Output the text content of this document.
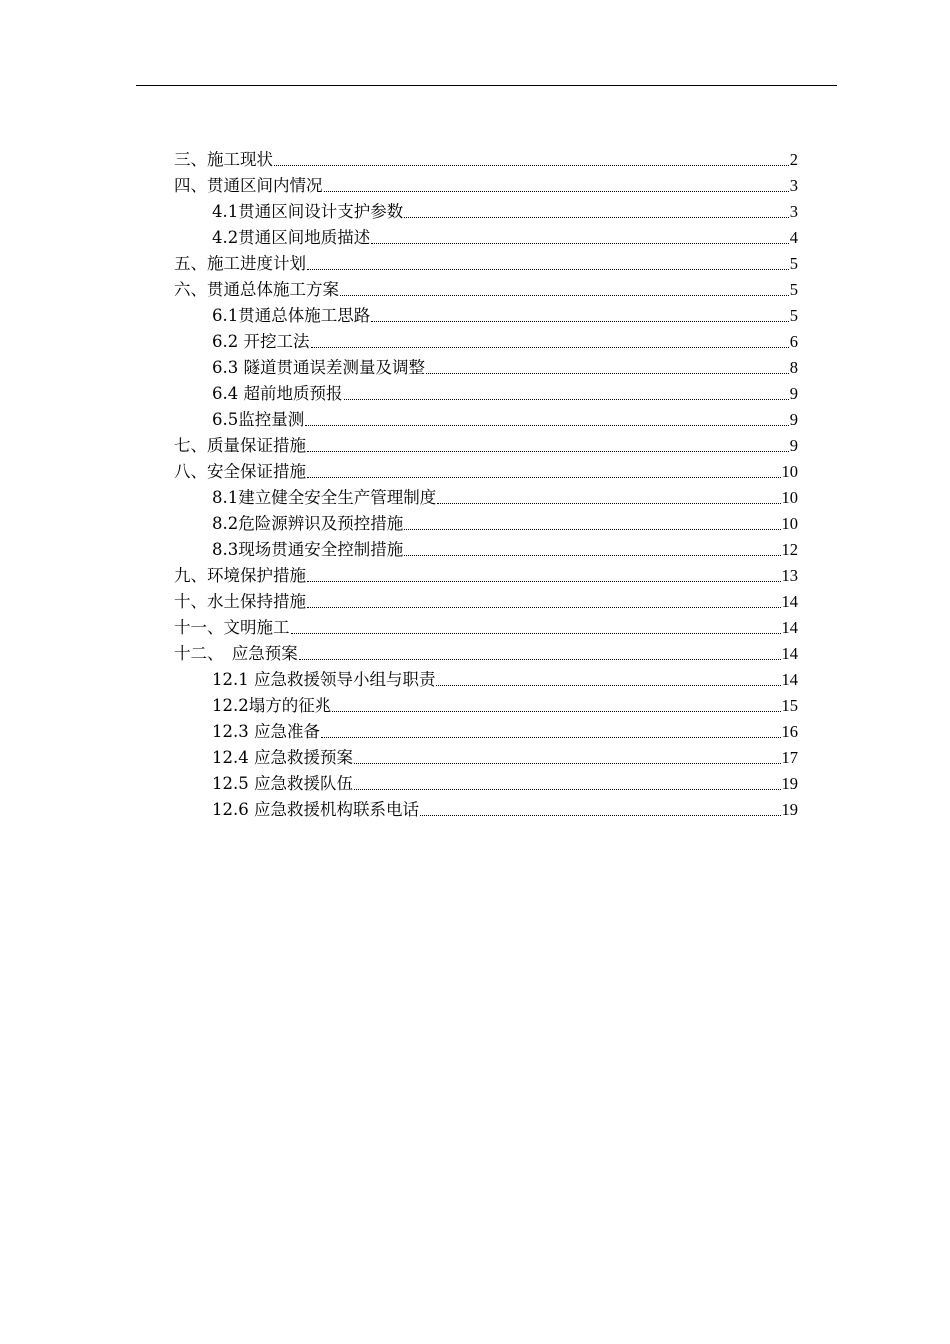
三、施工现状	2
四、贯通区间内情况	3
4.1贯通区间设计支护参数	3
4.2贯通区间地质描述	4
五、施工进度计划	5
六、贯通总体施工方案	5
6.1贯通总体施工思路	5
6.2 开挖工法	6
6.3 隧道贯通误差测量及调整	8
6.4 超前地质预报	9
6.5监控量测	9
七、质量保证措施	9
八、安全保证措施	10
8.1建立健全安全生产管理制度	10
8.2危险源辨识及预控措施	10
8.3现场贯通安全控制措施	12
九、环境保护措施	13
十、水土保持措施	14
十一、文明施工	14
十二、　应急预案	14
12.1 应急救援领导小组与职责	14
12.2塌方的征兆	15
12.3 应急准备	16
12.4 应急救援预案	17
12.5 应急救援队伍	19
12.6 应急救援机构联系电话	19
